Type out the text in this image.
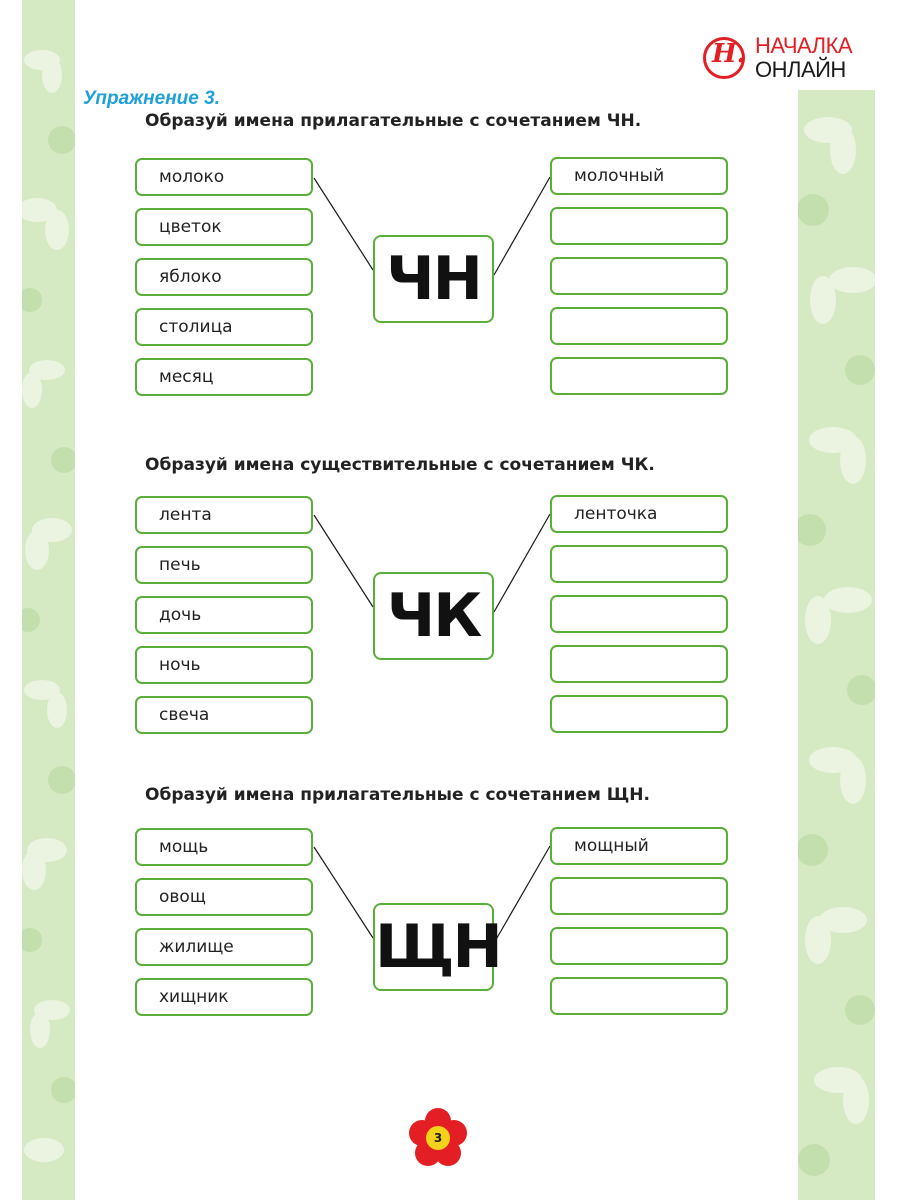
Н. НАЧАЛКА
ОНЛАЙН
Упражнение 3.
Образуй имена прилагательные с сочетанием ЧН.
молоко
цветок
яблоко
столица
месяц
ЧН
молочный
Образуй имена существительные с сочетанием ЧК.
лента
печь
дочь
ночь
свеча
ЧК
ленточка
Образуй имена прилагательные с сочетанием ЩН.
мощь
овощ
жилище
хищник
ЩН
мощный
3
